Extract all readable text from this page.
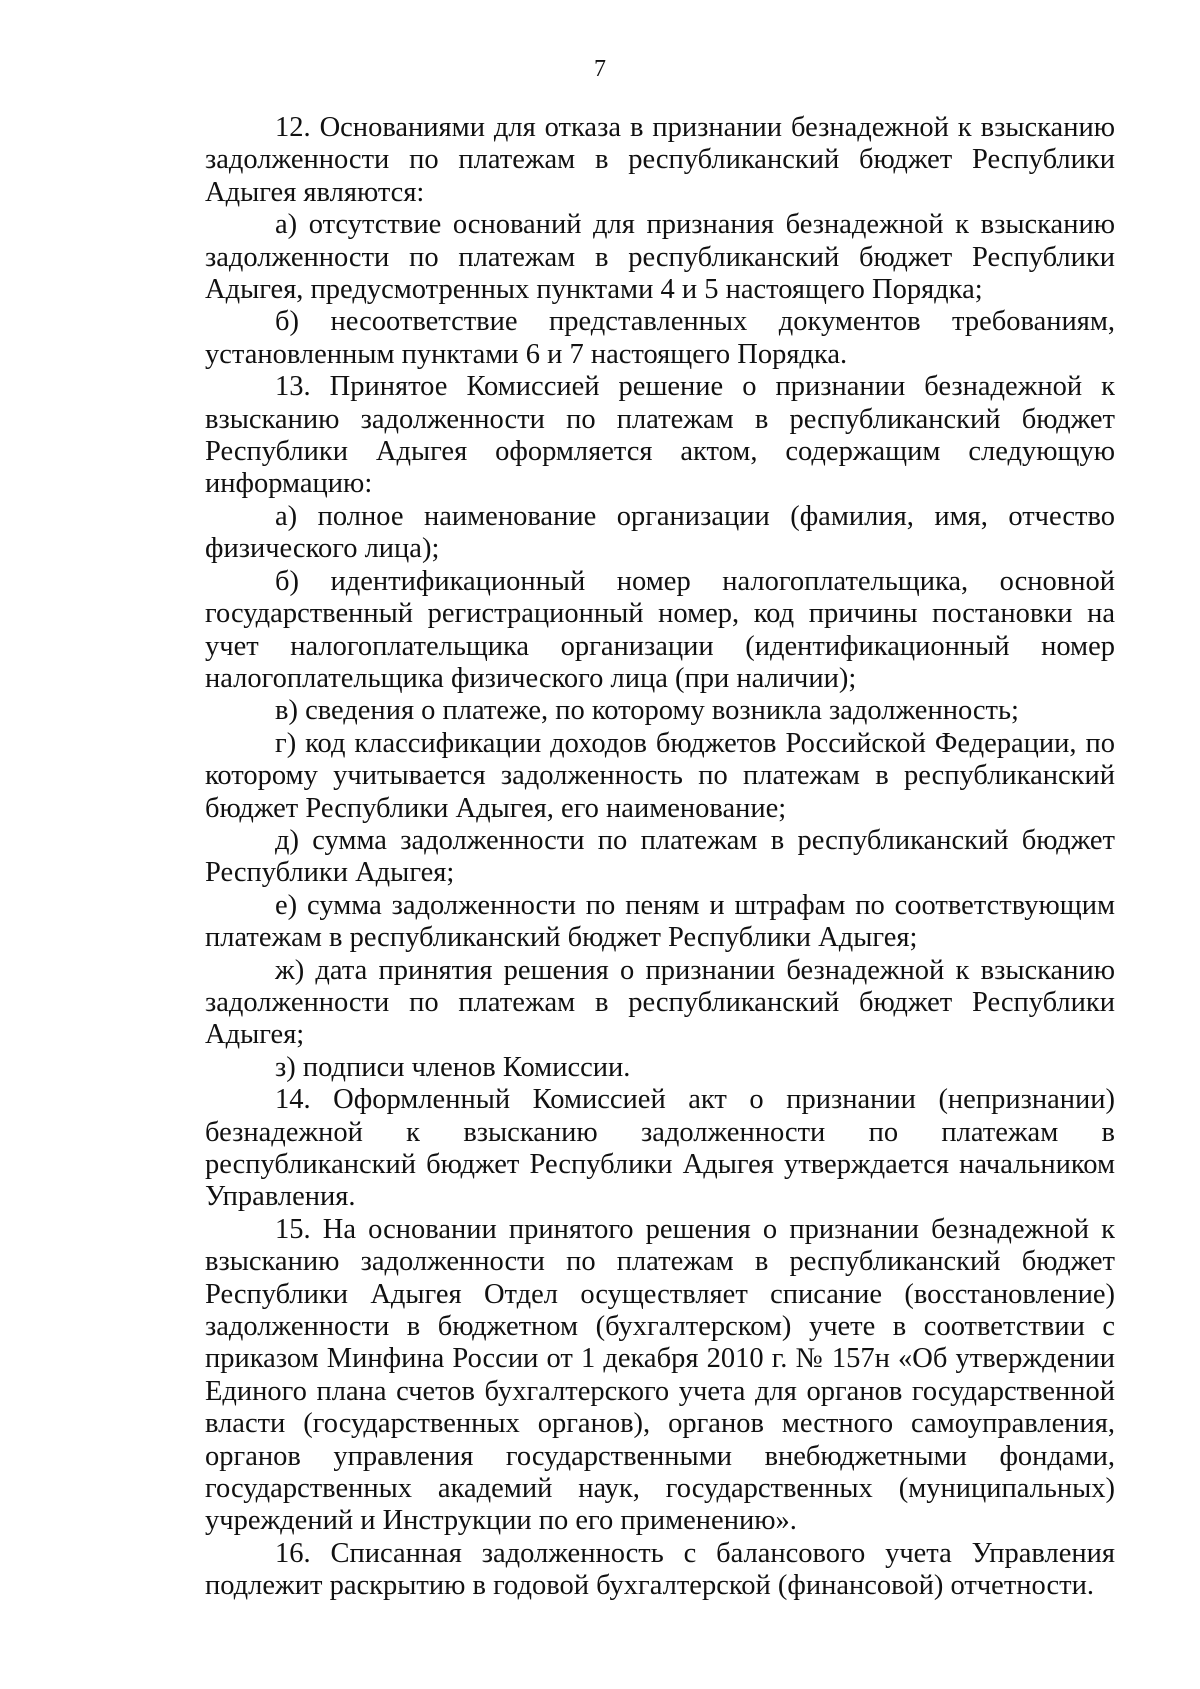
7

12. Основаниями для отказа в признании безнадежной к взысканию задолженности по платежам в республиканский бюджет Республики Адыгея являются:

а) отсутствие оснований для признания безнадежной к взысканию задолженности по платежам в республиканский бюджет Республики Адыгея, предусмотренных пунктами 4 и 5 настоящего Порядка;

б) несоответствие представленных документов требованиям, установленным пунктами 6 и 7 настоящего Порядка.

13. Принятое Комиссией решение о признании безнадежной к взысканию задолженности по платежам в республиканский бюджет Республики Адыгея оформляется актом, содержащим следующую информацию:

а) полное наименование организации (фамилия, имя, отчество физического лица);

б) идентификационный номер налогоплательщика, основной государственный регистрационный номер, код причины постановки на учет налогоплательщика организации (идентификационный номер налогоплательщика физического лица (при наличии);

в) сведения о платеже, по которому возникла задолженность;

г) код классификации доходов бюджетов Российской Федерации, по которому учитывается задолженность по платежам в республиканский бюджет Республики Адыгея, его наименование;

д) сумма задолженности по платежам в республиканский бюджет Республики Адыгея;

е) сумма задолженности по пеням и штрафам по соответствующим платежам в республиканский бюджет Республики Адыгея;

ж) дата принятия решения о признании безнадежной к взысканию задолженности по платежам в республиканский бюджет Республики Адыгея;

з) подписи членов Комиссии.

14. Оформленный Комиссией акт о признании (непризнании) безнадежной к взысканию задолженности по платежам в республиканский бюджет Республики Адыгея утверждается начальником Управления.

15. На основании принятого решения о признании безнадежной к взысканию задолженности по платежам в республиканский бюджет Республики Адыгея Отдел осуществляет списание (восстановление) задолженности в бюджетном (бухгалтерском) учете в соответствии с приказом Минфина России от 1 декабря 2010 г. № 157н «Об утверждении Единого плана счетов бухгалтерского учета для органов государственной власти (государственных органов), органов местного самоуправления, органов управления государственными внебюджетными фондами, государственных академий наук, государственных (муниципальных) учреждений и Инструкции по его применению».

16. Списанная задолженность с балансового учета Управления подлежит раскрытию в годовой бухгалтерской (финансовой) отчетности.
